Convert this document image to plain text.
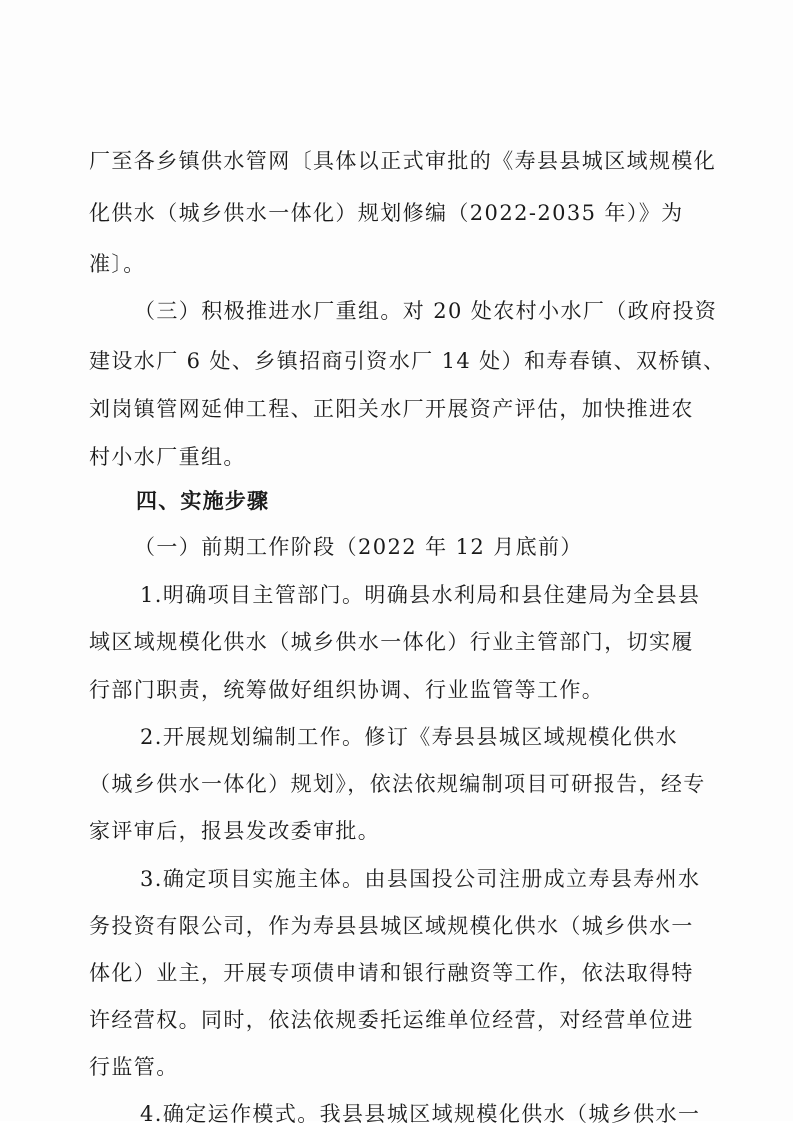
厂至各乡镇供水管网〔具体以正式审批的《寿县县城区域规模化
化供水（城乡供水一体化）规划修编（2022-2035 年）》为
准〕。
（三）积极推进水厂重组。对 20 处农村小水厂（政府投资
建设水厂 6 处、乡镇招商引资水厂 14 处）和寿春镇、双桥镇、
刘岗镇管网延伸工程、正阳关水厂开展资产评估，加快推进农
村小水厂重组。
四、实施步骤
（一）前期工作阶段（2022 年 12 月底前）
1.明确项目主管部门。明确县水利局和县住建局为全县县
域区域规模化供水（城乡供水一体化）行业主管部门，切实履
行部门职责，统筹做好组织协调、行业监管等工作。
2.开展规划编制工作。修订《寿县县城区域规模化供水
（城乡供水一体化）规划》，依法依规编制项目可研报告，经专
家评审后，报县发改委审批。
3.确定项目实施主体。由县国投公司注册成立寿县寿州水
务投资有限公司，作为寿县县城区域规模化供水（城乡供水一
体化）业主，开展专项债申请和银行融资等工作，依法取得特
许经营权。同时，依法依规委托运维单位经营，对经营单位进
行监管。
4.确定运作模式。我县县城区域规模化供水（城乡供水一
